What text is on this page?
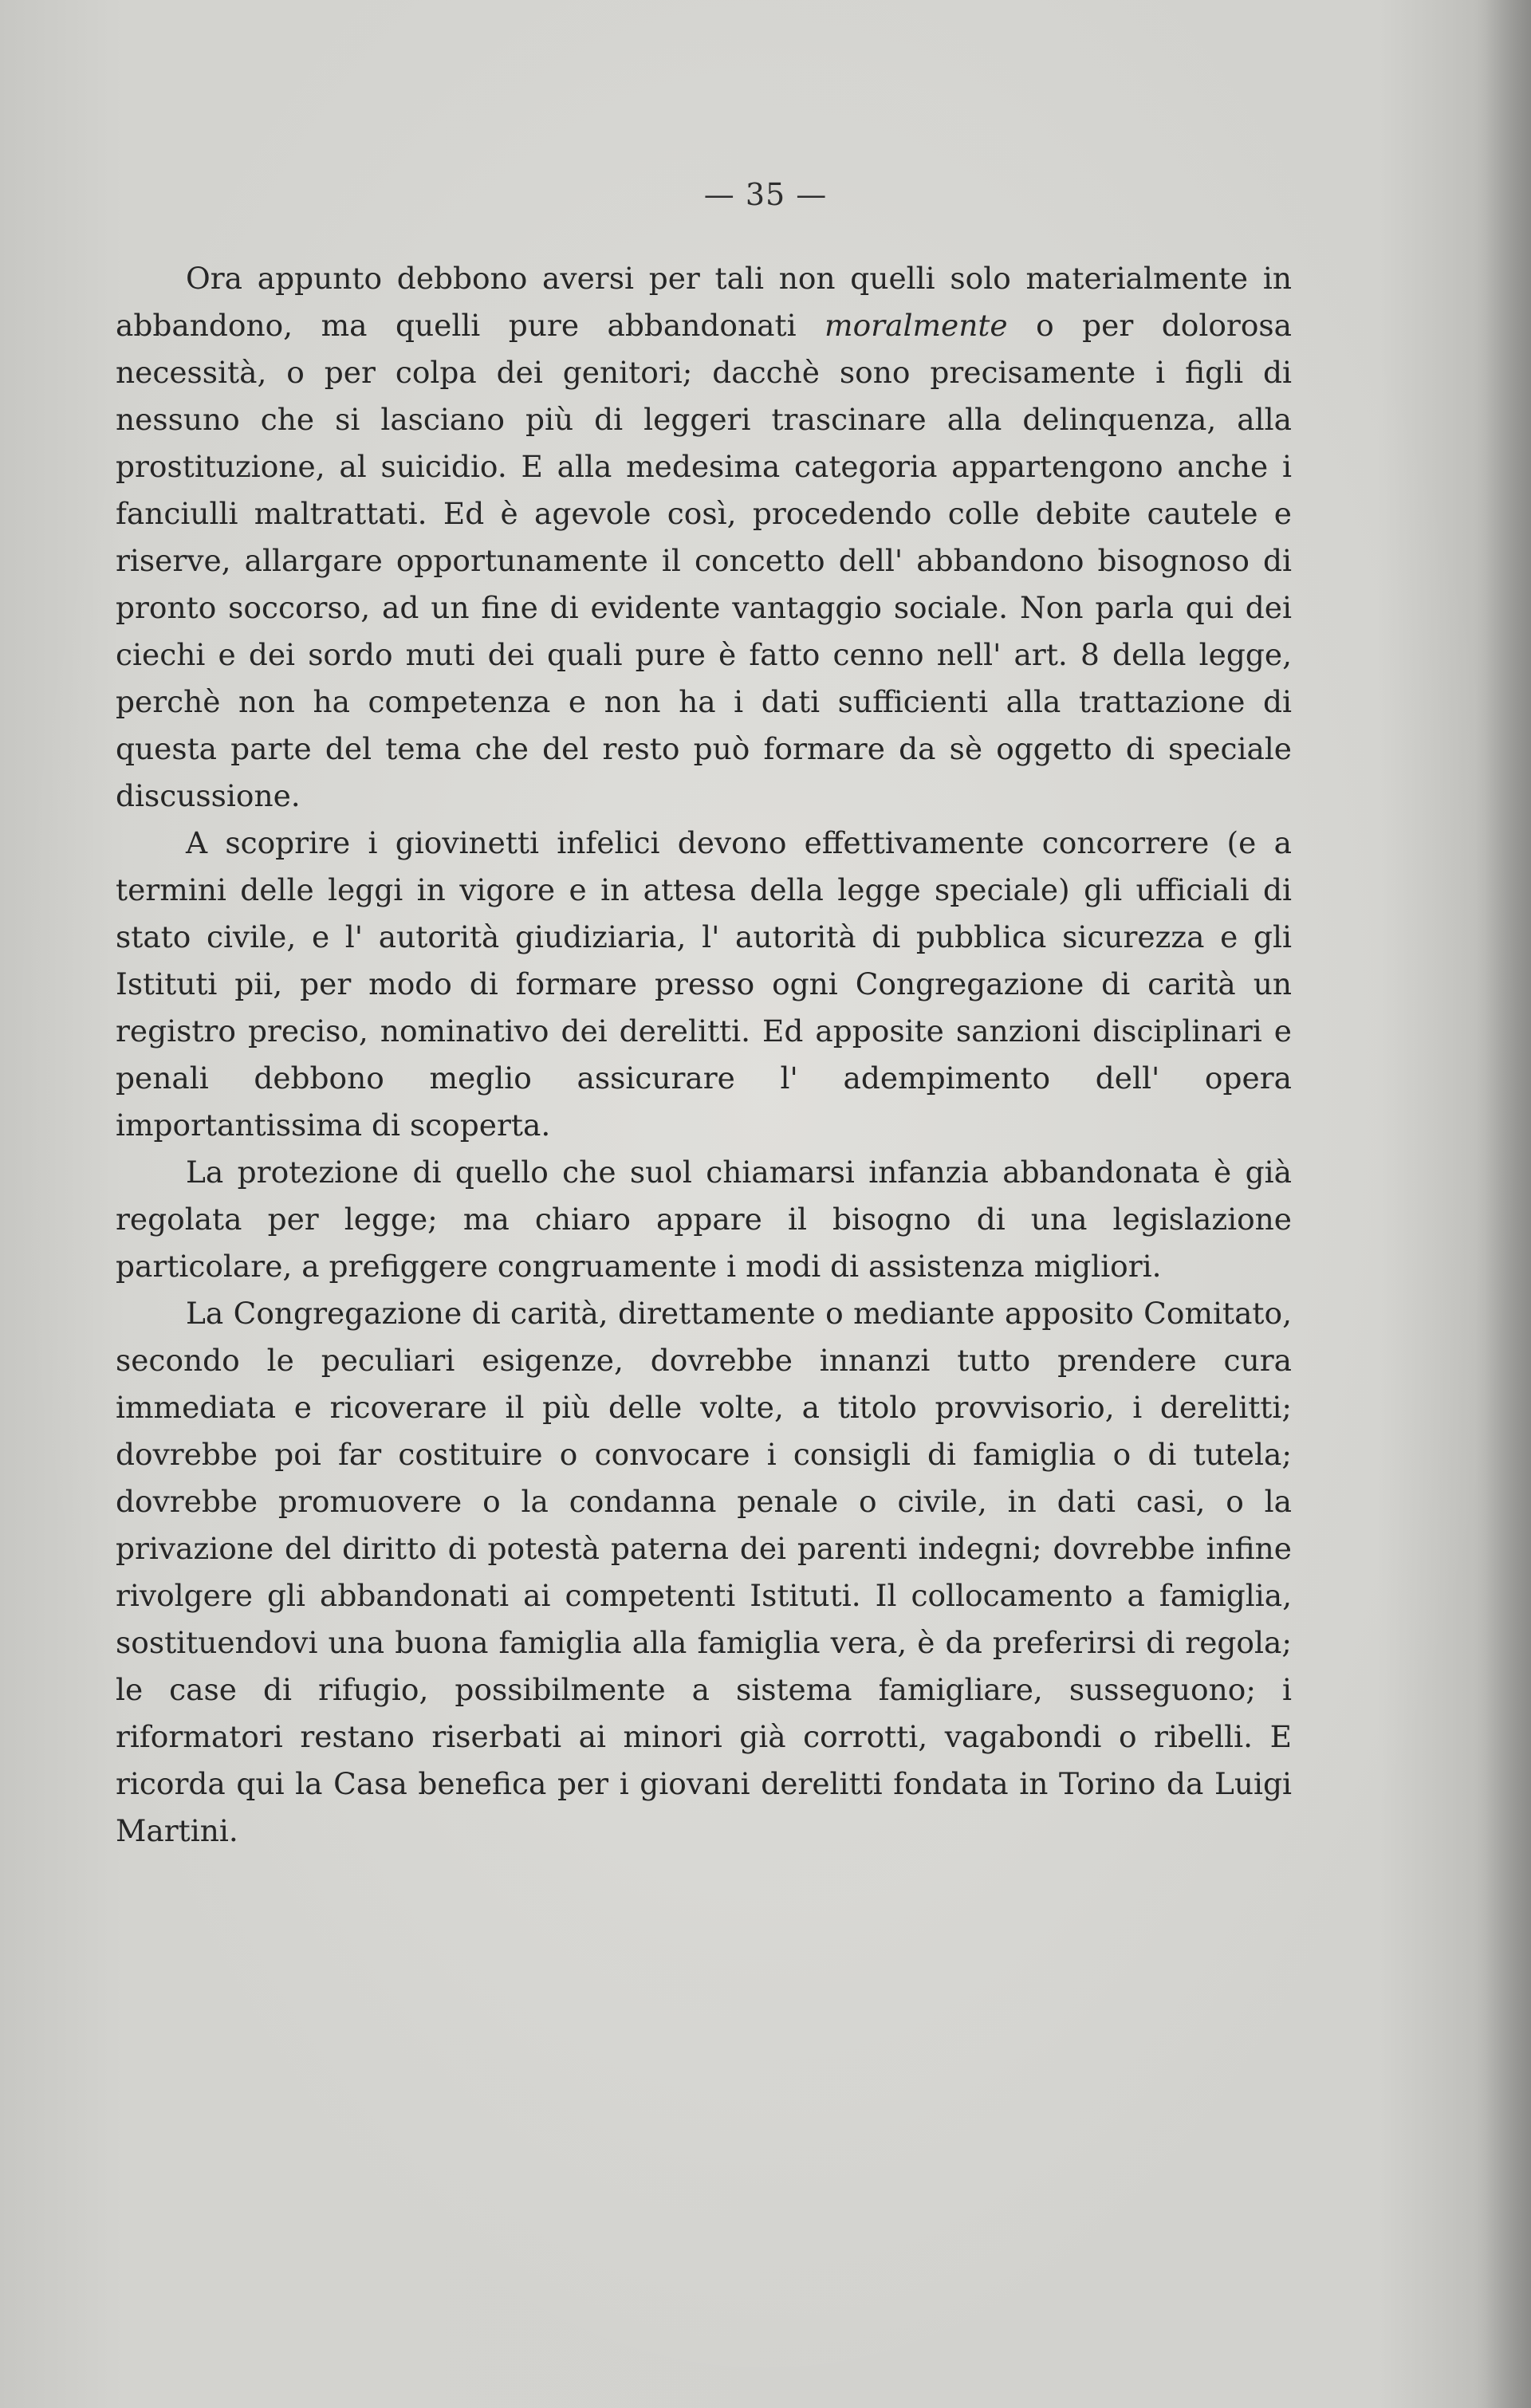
— 35 —

Ora appunto debbono aversi per tali non quelli solo materialmente in abbandono, ma quelli pure abbandonati moralmente o per dolorosa necessità, o per colpa dei genitori; dacchè sono precisamente i figli di nessuno che si lasciano più di leggeri trascinare alla delinquenza, alla prostituzione, al suicidio. E alla medesima categoria appartengono anche i fanciulli maltrattati. Ed è agevole così, procedendo colle debite cautele e riserve, allargare opportunamente il concetto dell' abbandono bisognoso di pronto soccorso, ad un fine di evidente vantaggio sociale. Non parla qui dei ciechi e dei sordo muti dei quali pure è fatto cenno nell' art. 8 della legge, perchè non ha competenza e non ha i dati sufficienti alla trattazione di questa parte del tema che del resto può formare da sè oggetto di speciale discussione.

A scoprire i giovinetti infelici devono effettivamente concorrere (e a termini delle leggi in vigore e in attesa della legge speciale) gli ufficiali di stato civile, e l' autorità giudiziaria, l' autorità di pubblica sicurezza e gli Istituti pii, per modo di formare presso ogni Congregazione di carità un registro preciso, nominativo dei derelitti. Ed apposite sanzioni disciplinari e penali debbono meglio assicurare l' adempimento dell' opera importantissima di scoperta.

La protezione di quello che suol chiamarsi infanzia abbandonata è già regolata per legge; ma chiaro appare il bisogno di una legislazione particolare, a prefiggere congruamente i modi di assistenza migliori.

La Congregazione di carità, direttamente o mediante apposito Comitato, secondo le peculiari esigenze, dovrebbe innanzi tutto prendere cura immediata e ricoverare il più delle volte, a titolo provvisorio, i derelitti; dovrebbe poi far costituire o convocare i consigli di famiglia o di tutela; dovrebbe promuovere o la condanna penale o civile, in dati casi, o la privazione del diritto di potestà paterna dei parenti indegni; dovrebbe infine rivolgere gli abbandonati ai competenti Istituti. Il collocamento a famiglia, sostituendovi una buona famiglia alla famiglia vera, è da preferirsi di regola; le case di rifugio, possibilmente a sistema famigliare, susseguono; i riformatori restano riserbati ai minori già corrotti, vagabondi o ribelli. E ricorda qui la Casa benefica per i giovani derelitti fondata in Torino da Luigi Martini.
